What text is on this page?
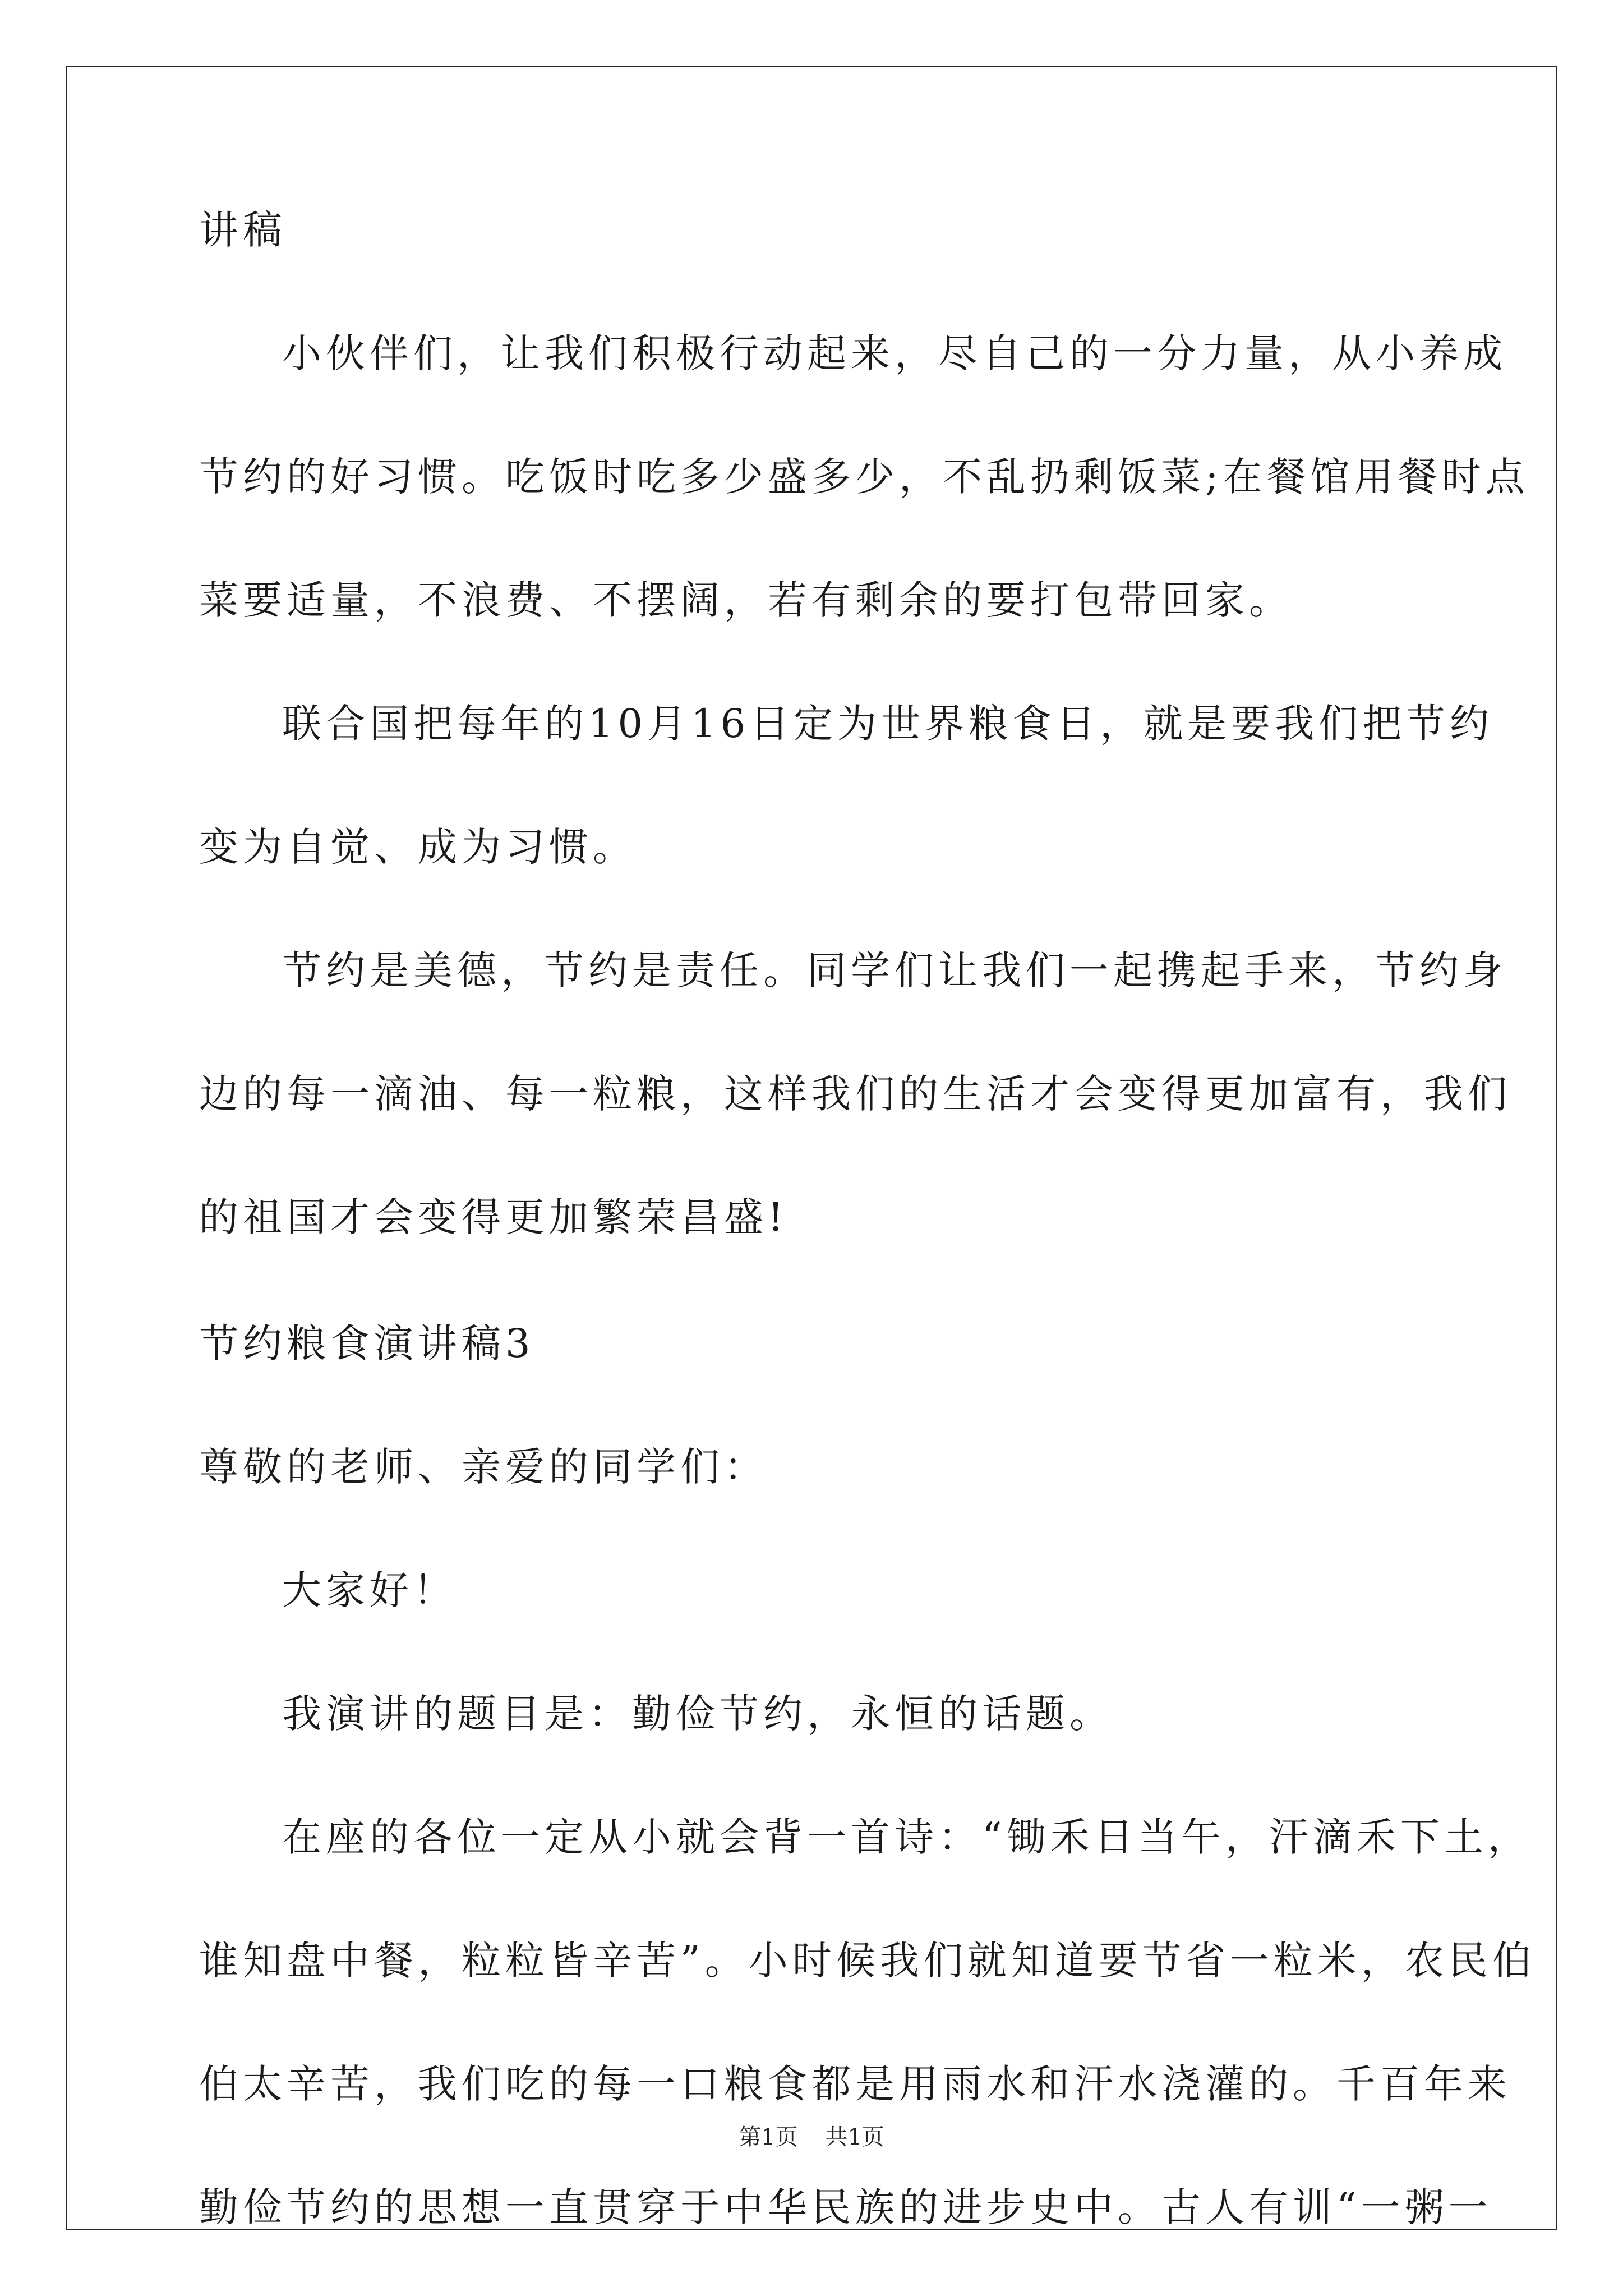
讲稿
小伙伴们，让我们积极行动起来，尽自己的一分力量，从小养成
节约的好习惯。吃饭时吃多少盛多少，不乱扔剩饭菜;在餐馆用餐时点
菜要适量，不浪费、不摆阔，若有剩余的要打包带回家。
联合国把每年的10月16日定为世界粮食日，就是要我们把节约
变为自觉、成为习惯。
节约是美德，节约是责任。同学们让我们一起携起手来，节约身
边的每一滴油、每一粒粮，这样我们的生活才会变得更加富有，我们
的祖国才会变得更加繁荣昌盛!
节约粮食演讲稿3
尊敬的老师、亲爱的同学们：
大家好！
我演讲的题目是：勤俭节约，永恒的话题。
在座的各位一定从小就会背一首诗：“锄禾日当午，汗滴禾下土，
谁知盘中餐，粒粒皆辛苦”。小时候我们就知道要节省一粒米，农民伯
伯太辛苦，我们吃的每一口粮食都是用雨水和汗水浇灌的。千百年来
勤俭节约的思想一直贯穿于中华民族的进步史中。古人有训“一粥一
第1页 共1页
